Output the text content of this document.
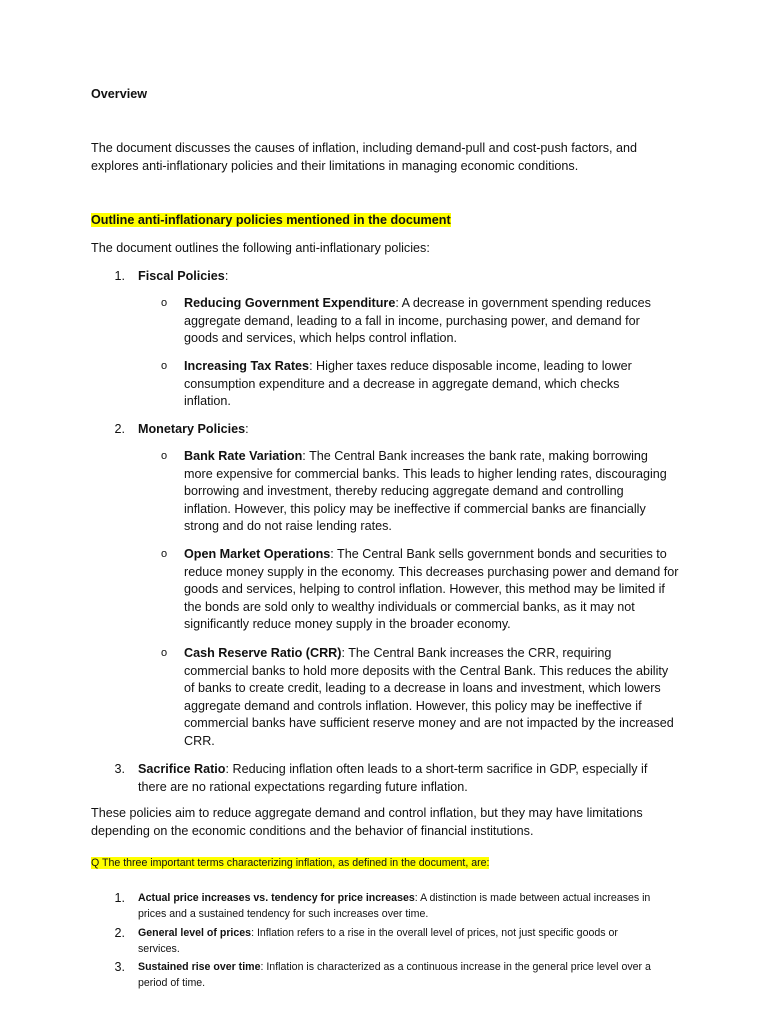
Overview
The document discusses the causes of inflation, including demand-pull and cost-push factors, and explores anti-inflationary policies and their limitations in managing economic conditions.
Outline anti-inflationary policies mentioned in the document
The document outlines the following anti-inflationary policies:
1. Fiscal Policies:
o Reducing Government Expenditure: A decrease in government spending reduces aggregate demand, leading to a fall in income, purchasing power, and demand for goods and services, which helps control inflation.
o Increasing Tax Rates: Higher taxes reduce disposable income, leading to lower consumption expenditure and a decrease in aggregate demand, which checks inflation.
2. Monetary Policies:
o Bank Rate Variation: The Central Bank increases the bank rate, making borrowing more expensive for commercial banks. This leads to higher lending rates, discouraging borrowing and investment, thereby reducing aggregate demand and controlling inflation. However, this policy may be ineffective if commercial banks are financially strong and do not raise lending rates.
o Open Market Operations: The Central Bank sells government bonds and securities to reduce money supply in the economy. This decreases purchasing power and demand for goods and services, helping to control inflation. However, this method may be limited if the bonds are sold only to wealthy individuals or commercial banks, as it may not significantly reduce money supply in the broader economy.
o Cash Reserve Ratio (CRR): The Central Bank increases the CRR, requiring commercial banks to hold more deposits with the Central Bank. This reduces the ability of banks to create credit, leading to a decrease in loans and investment, which lowers aggregate demand and controls inflation. However, this policy may be ineffective if commercial banks have sufficient reserve money and are not impacted by the increased CRR.
3. Sacrifice Ratio: Reducing inflation often leads to a short-term sacrifice in GDP, especially if there are no rational expectations regarding future inflation.
These policies aim to reduce aggregate demand and control inflation, but they may have limitations depending on the economic conditions and the behavior of financial institutions.
Q The three important terms characterizing inflation, as defined in the document, are:
1. Actual price increases vs. tendency for price increases: A distinction is made between actual increases in prices and a sustained tendency for such increases over time.
2. General level of prices: Inflation refers to a rise in the overall level of prices, not just specific goods or services.
3. Sustained rise over time: Inflation is characterized as a continuous increase in the general price level over a period of time.
